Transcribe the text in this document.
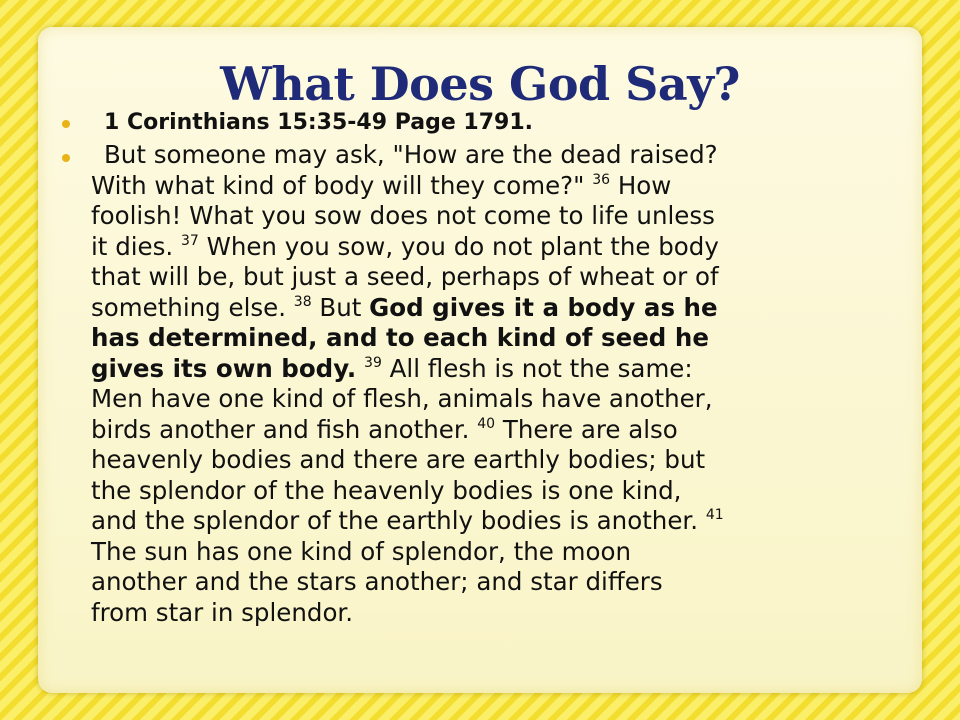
What Does God Say?
1 Corinthians 15:35-49 Page 1791.
But someone may ask, "How are the dead raised?
With what kind of body will they come?" $^{36}$ How
foolish! What you sow does not come to life unless
it dies. $^{37}$ When you sow, you do not plant the body
that will be, but just a seed, perhaps of wheat or of
something else. $^{38}$ But God gives it a body as he
has determined, and to each kind of seed he
gives its own body. $^{39}$ All flesh is not the same:
Men have one kind of flesh, animals have another,
birds another and fish another. $^{40}$ There are also
heavenly bodies and there are earthly bodies; but
the splendor of the heavenly bodies is one kind,
and the splendor of the earthly bodies is another. $^{41}$
The sun has one kind of splendor, the moon
another and the stars another; and star differs
from star in splendor.
